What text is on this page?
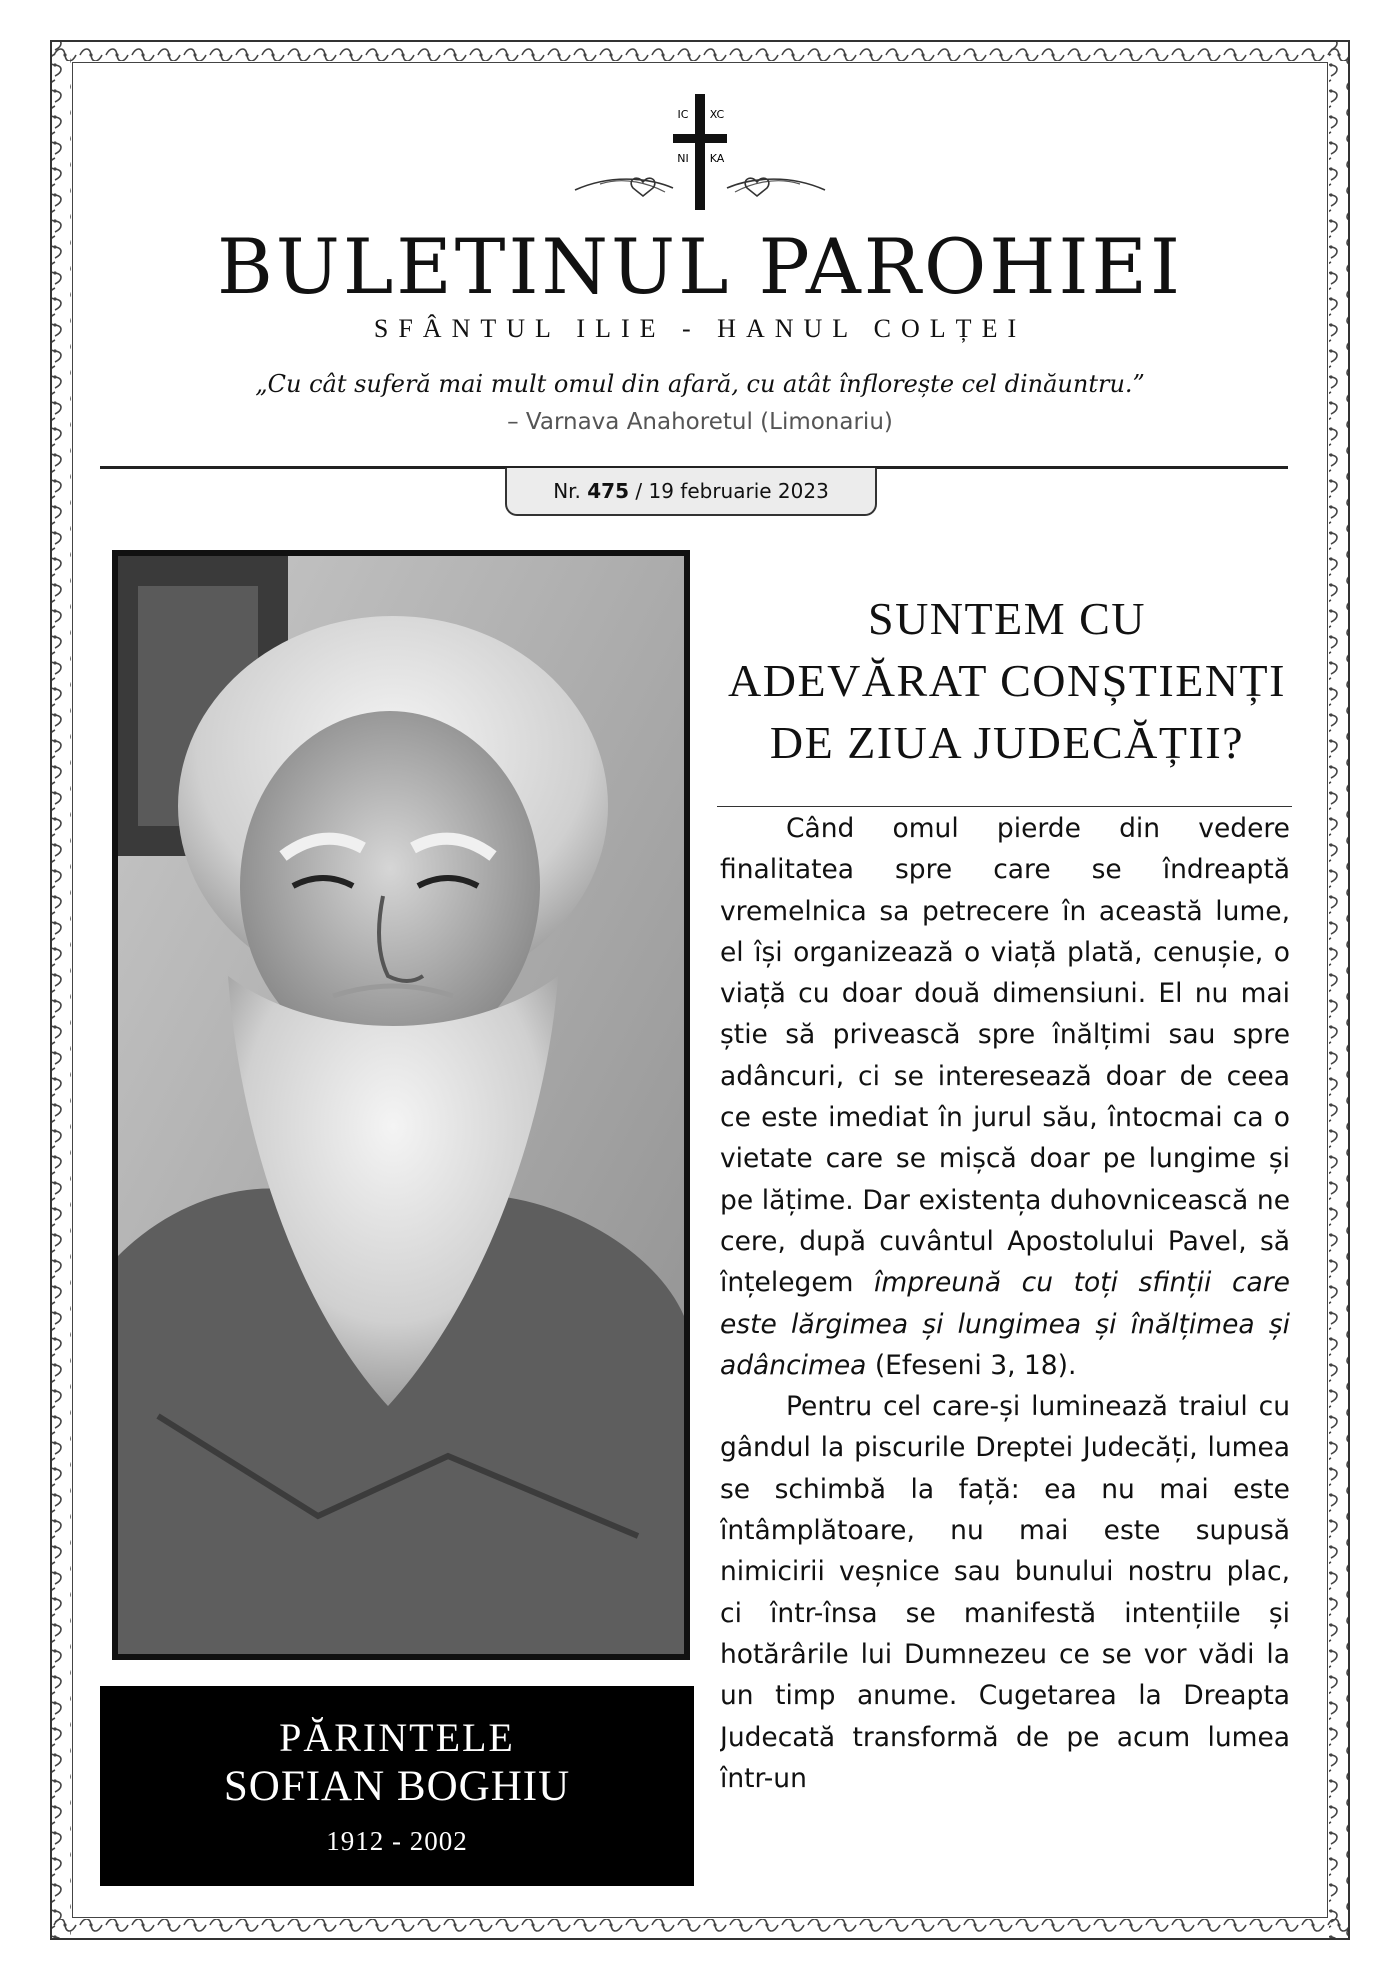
IC XC
NI KA
BULETINUL PAROHIEI
SFÂNTUL ILIE - HANUL COLȚEI
„Cu cât suferă mai mult omul din afară, cu atât înflorește cel dinăuntru.”
– Varnava Anahoretul (Limonariu)
Nr. 475 / 19 februarie 2023
PĂRINTELE
SOFIAN BOGHIU
1912 - 2002
SUNTEM CU
ADEVĂRAT CONȘTIENȚI
DE ZIUA JUDECĂȚII?

Când omul pierde din vedere finalitatea spre care se îndreaptă vremelnica sa petrecere în această lume, el își organizează o viață plată, cenușie, o viață cu doar două dimensiuni. El nu mai știe să privească spre înălțimi sau spre adâncuri, ci se interesează doar de ceea ce este imediat în jurul său, întocmai ca o vietate care se mișcă doar pe lungime și pe lățime. Dar existența duhovnicească ne cere, după cuvântul Apostolului Pavel, să înțelegem împreună cu toți sfinții care este lărgimea și lungimea și înălțimea și adâncimea (Efeseni 3, 18).

Pentru cel care-și luminează traiul cu gândul la piscurile Dreptei Judecăți, lumea se schimbă la față: ea nu mai este întâmplătoare, nu mai este supusă nimicirii veșnice sau bunului nostru plac, ci într-însa se manifestă intențiile și hotărârile lui Dumnezeu ce se vor vădi la un timp anume. Cugetarea la Dreapta Judecată transformă de pe acum lumea într-un
